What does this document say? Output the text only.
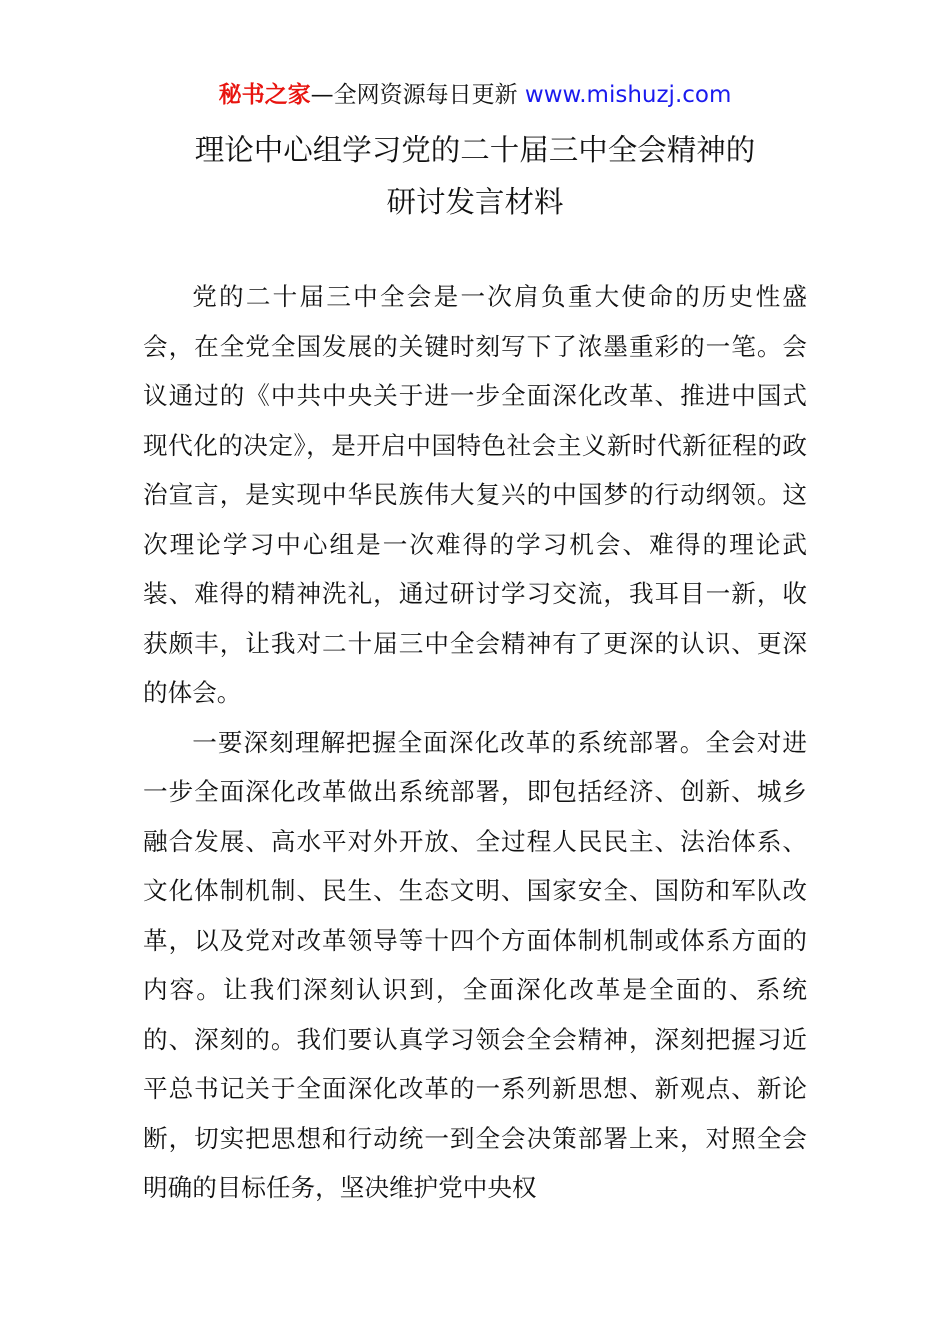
秘书之家—全网资源每日更新 www.mishuzj.com
理论中心组学习党的二十届三中全会精神的
研讨发言材料

党的二十届三中全会是一次肩负重大使命的历史性盛会，在全党全国发展的关键时刻写下了浓墨重彩的一笔。会议通过的《中共中央关于进一步全面深化改革、推进中国式现代化的决定》，是开启中国特色社会主义新时代新征程的政治宣言，是实现中华民族伟大复兴的中国梦的行动纲领。这次理论学习中心组是一次难得的学习机会、难得的理论武装、难得的精神洗礼，通过研讨学习交流，我耳目一新，收获颇丰，让我对二十届三中全会精神有了更深的认识、更深的体会。

一要深刻理解把握全面深化改革的系统部署。全会对进一步全面深化改革做出系统部署，即包括经济、创新、城乡融合发展、高水平对外开放、全过程人民民主、法治体系、文化体制机制、民生、生态文明、国家安全、国防和军队改革，以及党对改革领导等十四个方面体制机制或体系方面的内容。让我们深刻认识到，全面深化改革是全面的、系统的、深刻的。我们要认真学习领会全会精神，深刻把握习近平总书记关于全面深化改革的一系列新思想、新观点、新论断，切实把思想和行动统一到全会决策部署上来，对照全会明确的目标任务，坚决维护党中央权
